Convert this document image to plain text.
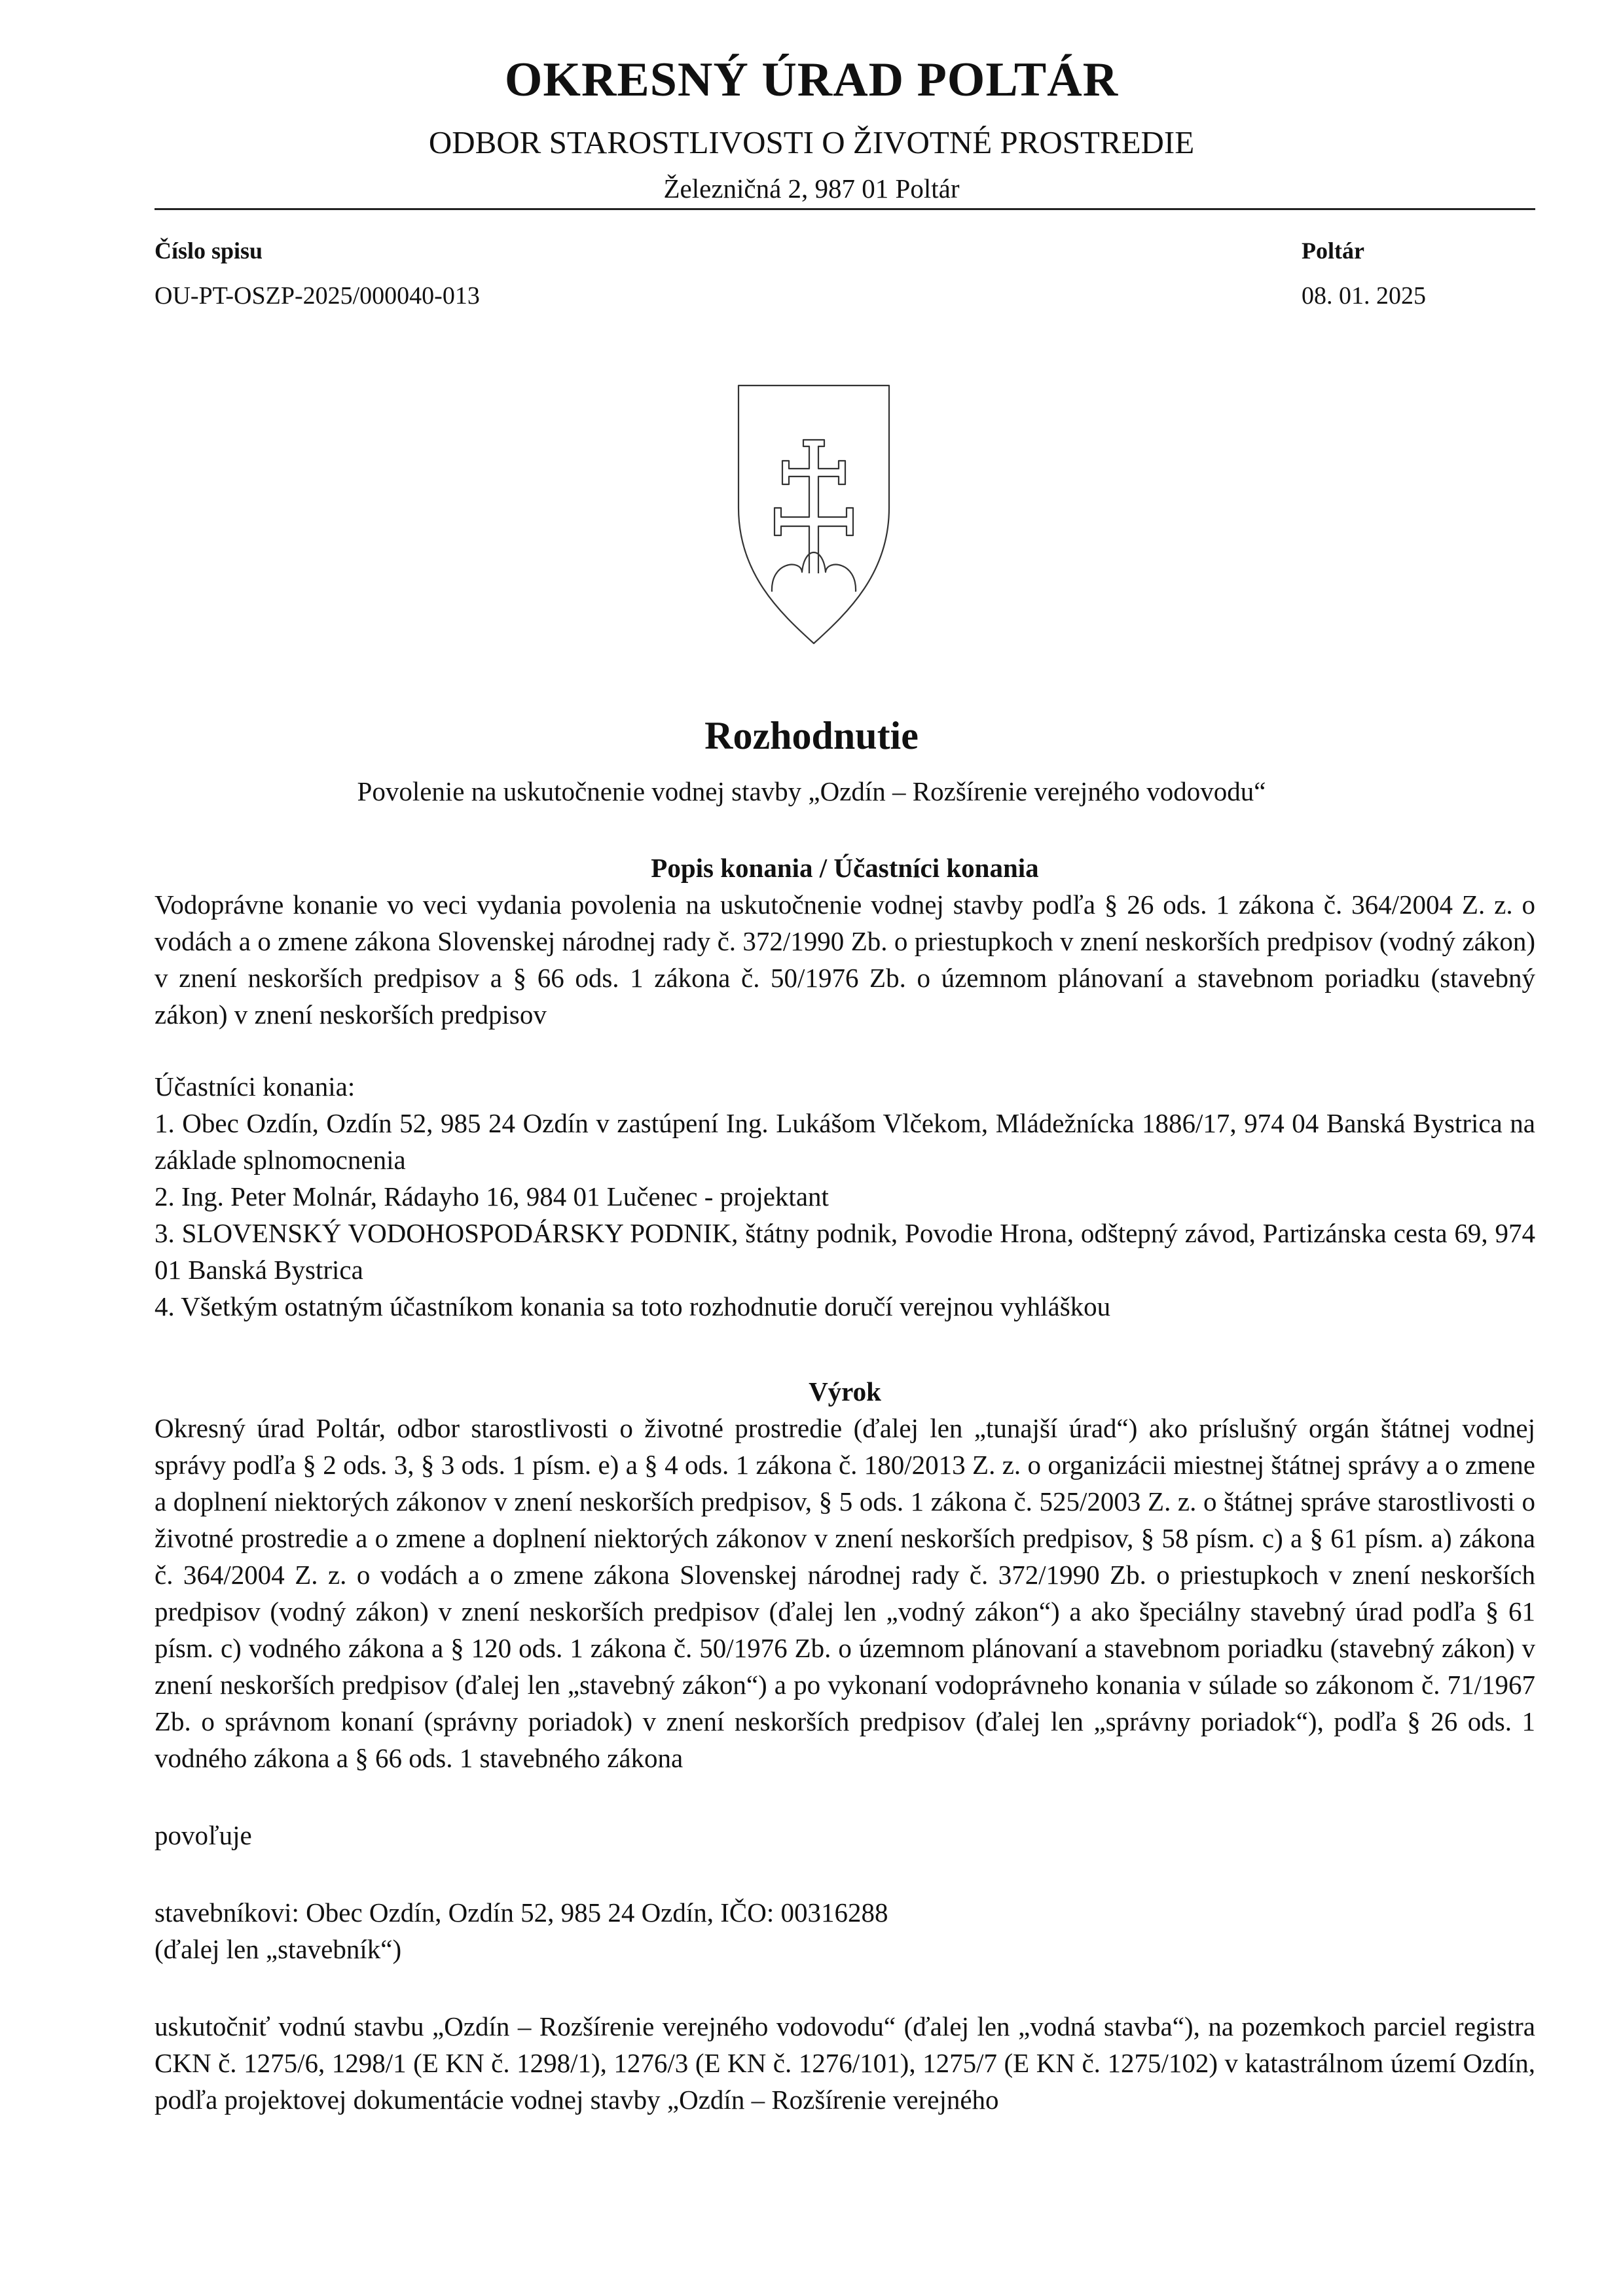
OKRESNÝ ÚRAD POLTÁR
ODBOR STAROSTLIVOSTI O ŽIVOTNÉ PROSTREDIE
Železničná 2, 987 01 Poltár
Číslo spisu
OU-PT-OSZP-2025/000040-013
Poltár
08. 01. 2025
Rozhodnutie
Povolenie na uskutočnenie vodnej stavby „Ozdín – Rozšírenie verejného vodovodu“
Popis konania / Účastníci konania

Vodoprávne konanie vo veci vydania povolenia na uskutočnenie vodnej stavby podľa § 26 ods. 1 zákona č. 364/2004 Z. z. o vodách a o zmene zákona Slovenskej národnej rady č. 372/1990 Zb. o priestupkoch v znení neskorších predpisov (vodný zákon) v znení neskorších predpisov a § 66 ods. 1 zákona č. 50/1976 Zb. o územnom plánovaní a stavebnom poriadku (stavebný zákon) v znení neskorších predpisov

Účastníci konania:

1. Obec Ozdín, Ozdín 52, 985 24 Ozdín v zastúpení Ing. Lukášom Vlčekom, Mládežnícka 1886/17, 974 04 Banská Bystrica na základe splnomocnenia

2. Ing. Peter Molnár, Rádayho 16, 984 01 Lučenec - projektant

3. SLOVENSKÝ VODOHOSPODÁRSKY PODNIK, štátny podnik, Povodie Hrona, odštepný závod, Partizánska cesta 69, 974 01 Banská Bystrica

4. Všetkým ostatným účastníkom konania sa toto rozhodnutie doručí verejnou vyhláškou

Výrok

Okresný úrad Poltár, odbor starostlivosti o životné prostredie (ďalej len „tunajší úrad“) ako príslušný orgán štátnej vodnej správy podľa § 2 ods. 3, § 3 ods. 1 písm. e) a § 4 ods. 1 zákona č. 180/2013 Z. z. o organizácii miestnej štátnej správy a o zmene a doplnení niektorých zákonov v znení neskorších predpisov, § 5 ods. 1 zákona č. 525/2003 Z. z. o štátnej správe starostlivosti o životné prostredie a o zmene a doplnení niektorých zákonov v znení neskorších predpisov, § 58 písm. c) a § 61 písm. a) zákona č. 364/2004 Z. z. o vodách a o zmene zákona Slovenskej národnej rady č. 372/1990 Zb. o priestupkoch v znení neskorších predpisov (vodný zákon) v znení neskorších predpisov (ďalej len „vodný zákon“) a ako špeciálny stavebný úrad podľa § 61 písm. c) vodného zákona a § 120 ods. 1 zákona č. 50/1976 Zb. o územnom plánovaní a stavebnom poriadku (stavebný zákon) v znení neskorších predpisov (ďalej len „stavebný zákon“) a po vykonaní vodoprávneho konania v súlade so zákonom č. 71/1967 Zb. o správnom konaní (správny poriadok) v znení neskorších predpisov (ďalej len „správny poriadok“), podľa § 26 ods. 1 vodného zákona a § 66 ods. 1 stavebného zákona

povoľuje

stavebníkovi: Obec Ozdín, Ozdín 52, 985 24 Ozdín, IČO: 00316288

(ďalej len „stavebník“)

uskutočniť vodnú stavbu „Ozdín – Rozšírenie verejného vodovodu“ (ďalej len „vodná stavba“), na pozemkoch parciel registra CKN č. 1275/6, 1298/1 (E KN č. 1298/1), 1276/3 (E KN č. 1276/101), 1275/7 (E KN č. 1275/102) v katastrálnom území Ozdín, podľa projektovej dokumentácie vodnej stavby „Ozdín – Rozšírenie verejného
